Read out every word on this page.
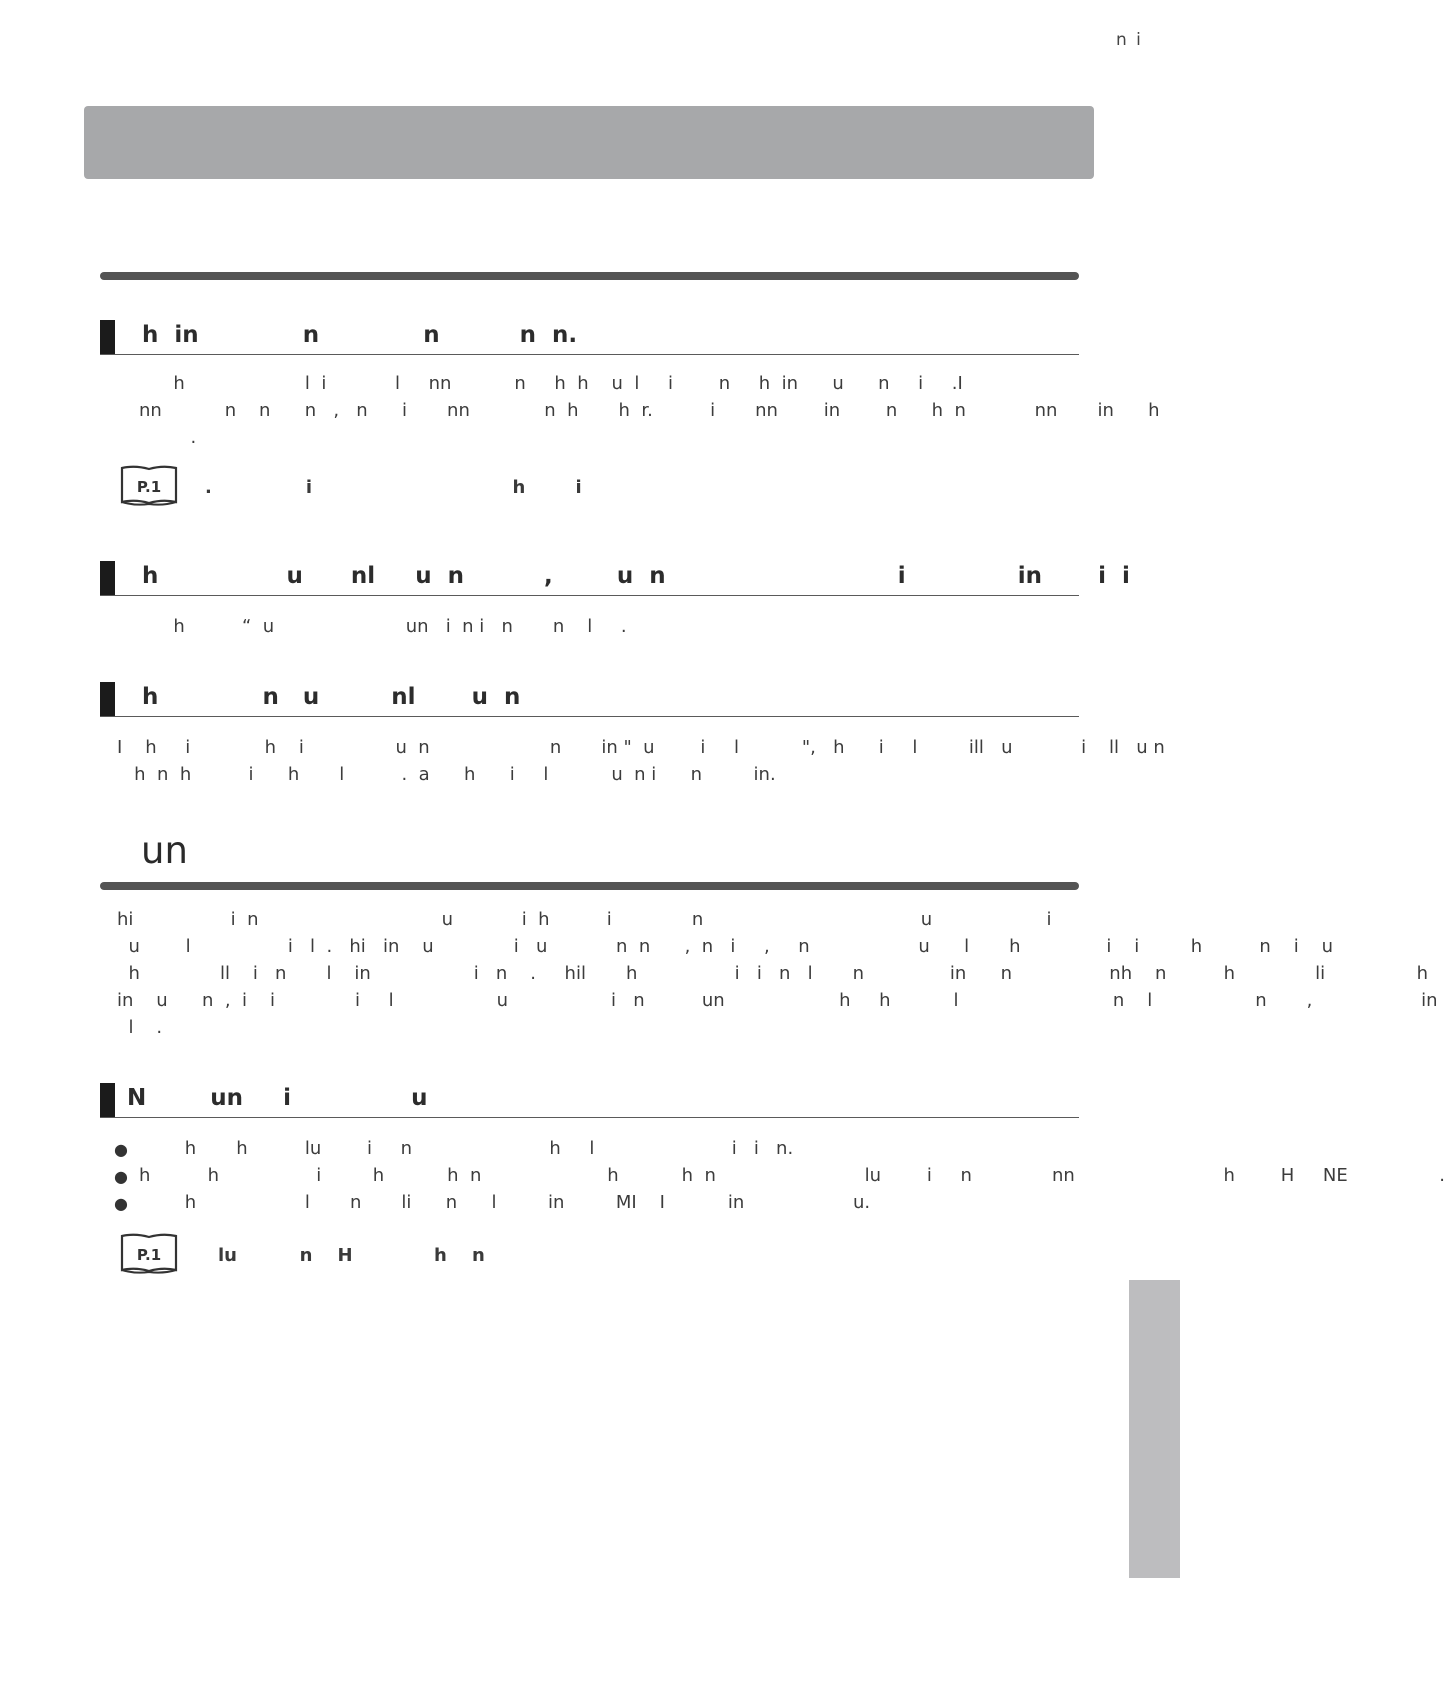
n i
h  in             n             n          n  n.
h                     l  i            l     nn           n     h  h    u  l     i        n     h  in      u      n     i     .I
nn           n    n      n   ,   n      i       nn             n  h       h  r.          i       nn        in        n      h  n            nn       in      h
.
P.1 .               i                                h        i
h                u      nl     u  n          ,        u  n                             i              in       i  i
h          “  u                       un   i  n i   n       n    l     .
h             n   u         nl       u  n
I    h     i             h    i                u  n                     n       in "  u        i     l           ",   h      i     l         ill   u            i    ll   u n
h  n  h          i      h       l          .  a      h      i     l           u  n i      n         in.
un
hi                 i  n                                u            i  h          i              n                                      u                    i
u        l                 i   l  .   hi   in    u              i   u            n  n      ,  n   i     ,     n                   u      l       h               i    i         h          n    i    u
h              ll    i   n       l    in                  i   n    .     hil       h                 i   i   n   l       n               in      n                 nh    n          h              li                h
in    u      n  ,  i    i              i     l                  u                  i   n          un                    h     h           l                           n    l                  n       ,                   in
l    .
N        un     i               u
● h       h          lu        i     n                        h     l                        i   i   n.
● h          h                 i         h           h  n                      h           h  n                          lu        i     n              nn                          h        H     NE                .
● h                   l       n       li      n      l         in         MI    I           in                   u.
P.1	lu          n    H             h    n
